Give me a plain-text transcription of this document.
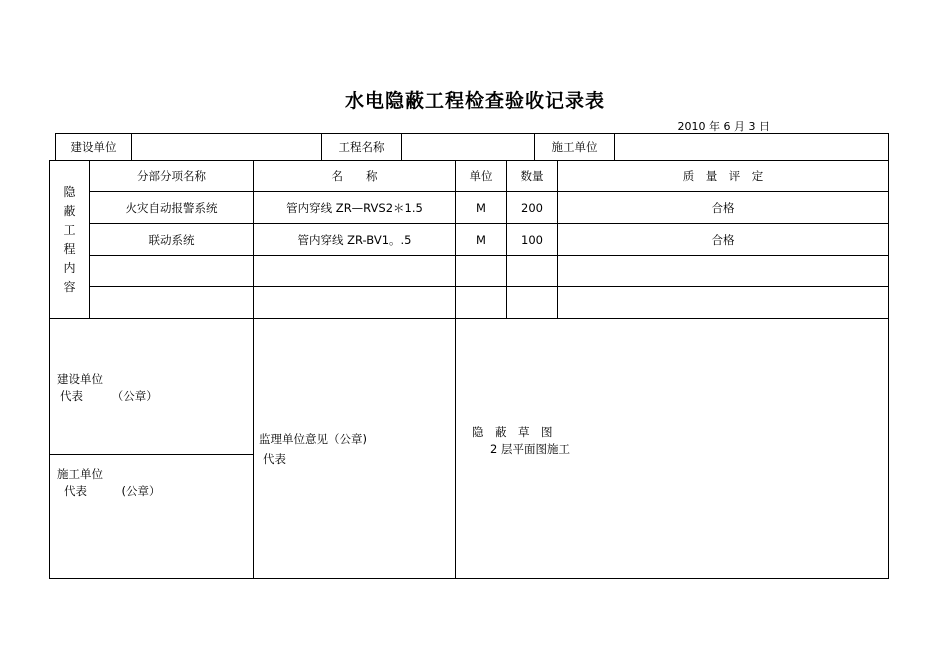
水电隐蔽工程检查验收记录表
2010 年 6 月 3 日
建设单位	工程名称	施工单位
隐
蔽
工
程
内
容
分部分项名称	名　　称	单位	数量	质　量　评　定
火灾自动报警系统	管内穿线 ZR—RVS2＊1.5	M	200	合格
联动系统	管内穿线 ZR-BV1。.5	M	100	合格
建设单位
代表　　　（公章）
施工单位
代表　　　(公章）
监理单位意见（公章)
代表
隐　蔽　草　图
2 层平面图施工
